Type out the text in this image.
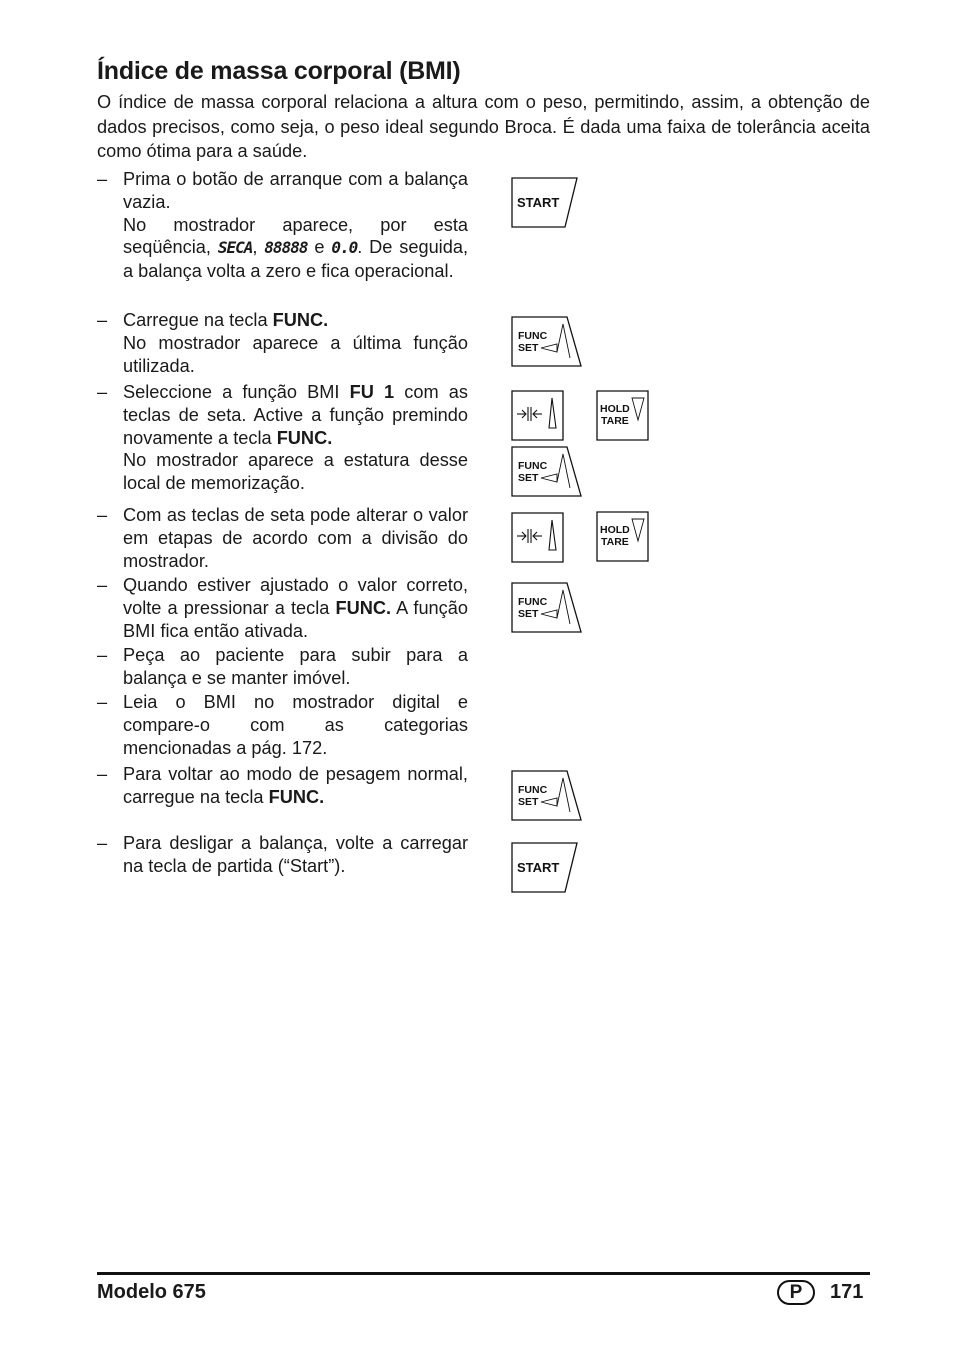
Índice de massa corporal (BMI)

O índice de massa corporal relaciona a altura com o peso, permitindo, assim, a obtenção de dados precisos, como seja, o peso ideal segundo Broca. É dada uma faixa de tolerância aceita como ótima para a saúde.

– Prima o botão de arranque com a balança vazia.

No mostrador aparece, por esta seqüência, SECA, 88888 e 0.0. De seguida, a balança volta a zero e fica operacional.

– Carregue na tecla FUNC.

No mostrador aparece a última função utilizada.

– Seleccione a função BMI FU 1 com as teclas de seta. Active a função premindo novamente a tecla FUNC.

No mostrador aparece a estatura desse local de memorização.

– Com as teclas de seta pode alterar o valor em etapas de acordo com a divisão do mostrador.

– Quando estiver ajustado o valor correto, volte a pressionar a tecla FUNC. A função BMI fica então ativada.

– Peça ao paciente para subir para a balança e se manter imóvel.

– Leia o BMI no mostrador digital e compare-o com as categorias mencionadas a pág. 172.

– Para voltar ao modo de pesagem normal, carregue na tecla FUNC.

– Para desligar a balança, volte a carregar na tecla de partida (“Start”).

START
FUNC
SET
HOLD
TARE
FUNC
SET
HOLD
TARE
FUNC
SET
FUNC
SET
START
Modelo 675	P	171
